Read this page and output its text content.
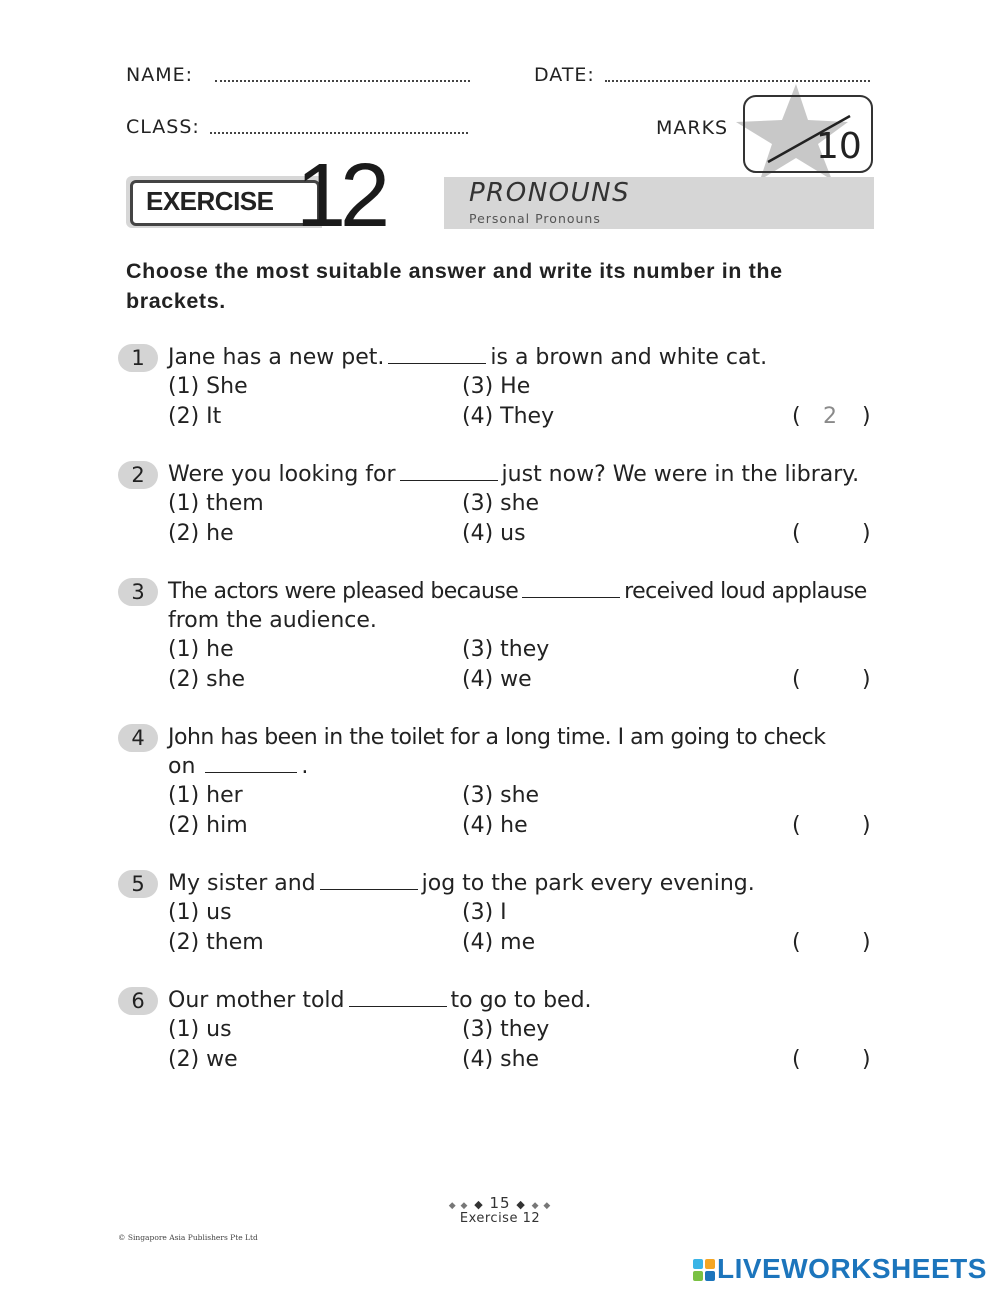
NAME:	DATE:
CLASS:	MARKS 10
EXERCISE 12	PRONOUNS
Personal Pronouns
Choose the most suitable answer and write its number in the
brackets.
1	Jane has a new pet.	is a brown and white cat.
(1) She
(2) It
(3) He
(4) They	(	2	)
2	Were you looking for	just now? We were in the library.
(1) them
(2) he
(3) she
(4) us	(	)
3	The actors were pleased because	received loud applause
from the audience.
(1) he
(2) she
(3) they
(4) we	(	)
4	John has been in the toilet for a long time. I am going to check
on	.
(1) her
(2) him
(3) she
(4) he	(	)
5	My sister and	jog to the park every evening.
(1) us
(2) them
(3) I
(4) me	(	)
6	Our mother told	to go to bed.
(1) us
(2) we
(3) they
(4) she	(	)
◆ ◆ ◆ 15 ◆ ◆ ◆
Exercise 12
© Singapore Asia Publishers Pte Ltd
LIVEWORKSHEETS
